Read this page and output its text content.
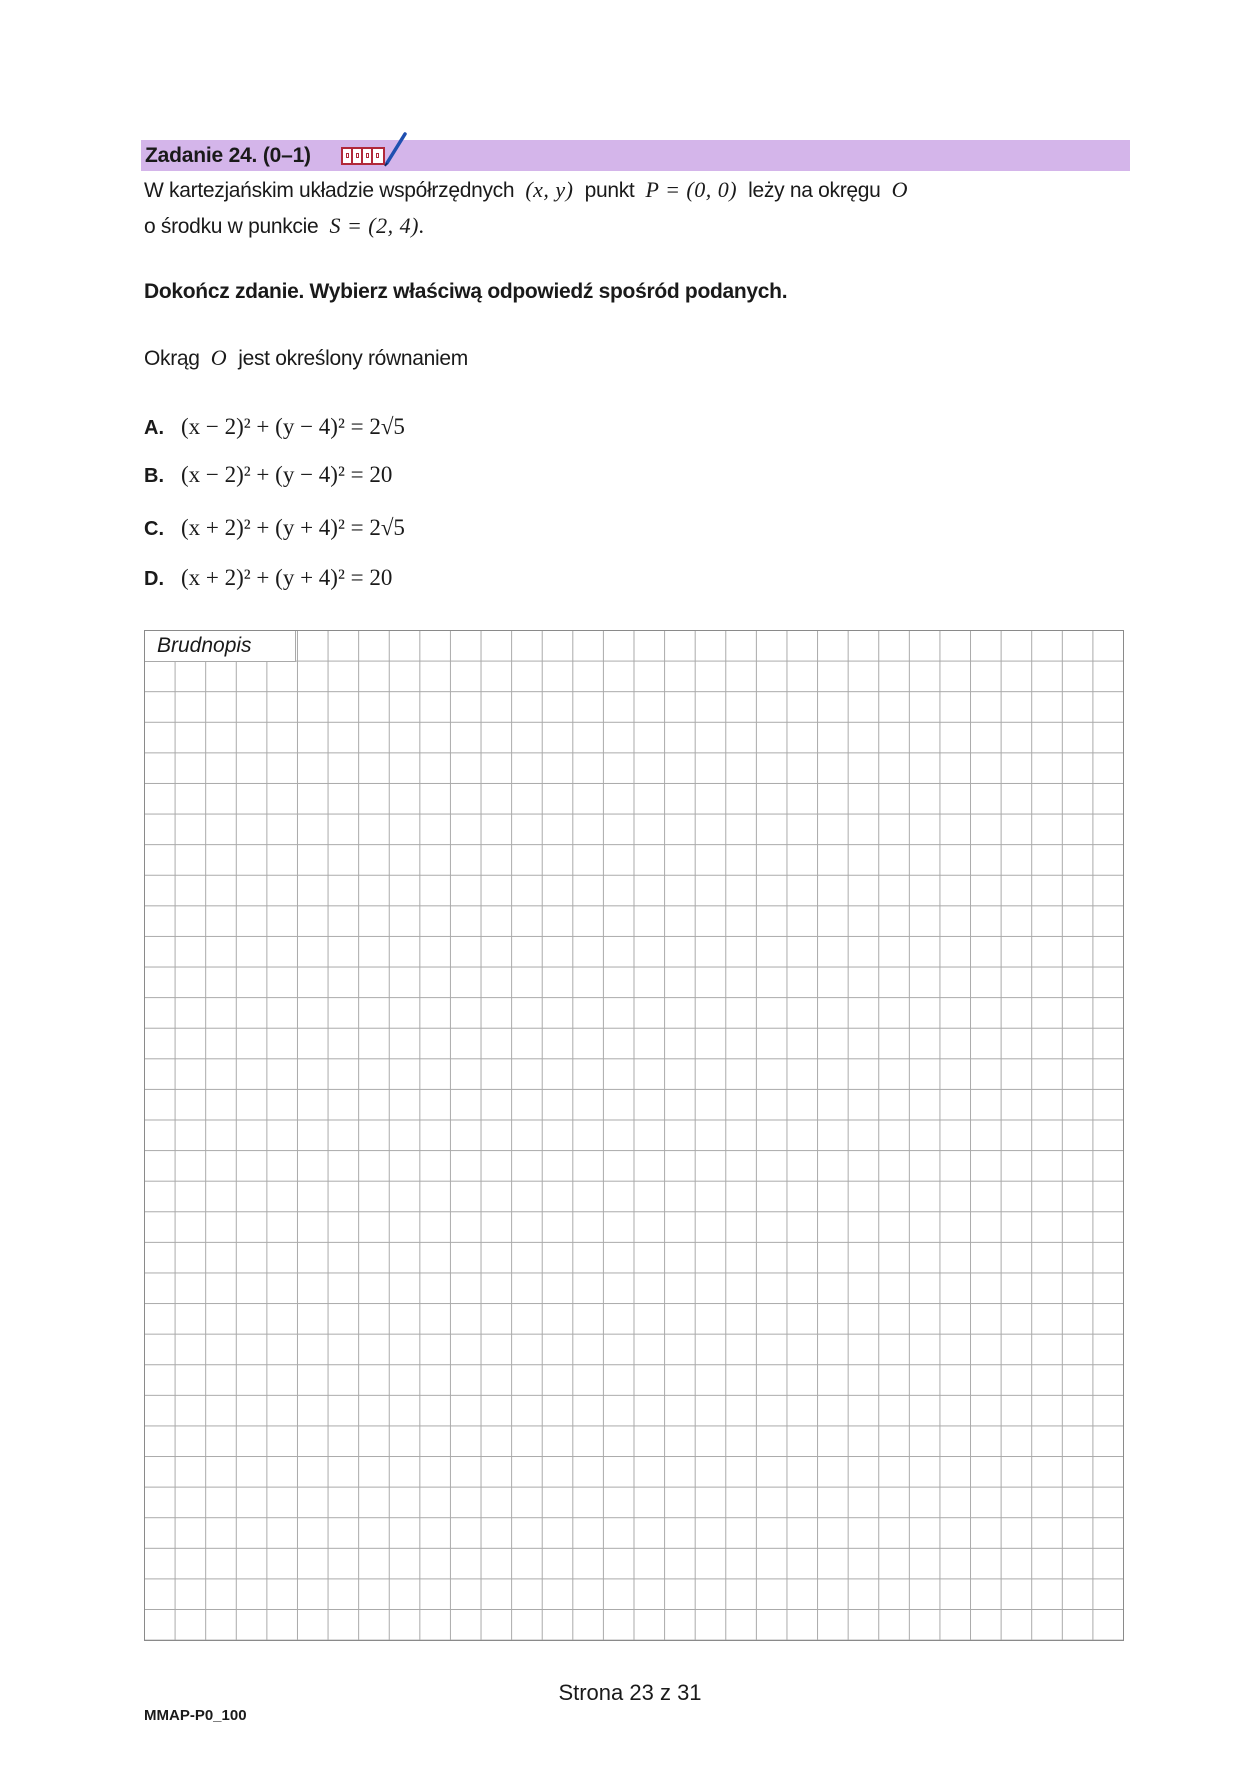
Zadanie 24. (0–1)
W kartezjańskim układzie współrzędnych (x, y) punkt P = (0, 0) leży na okręgu O
o środku w punkcie S = (2, 4).
Dokończ zdanie. Wybierz właściwą odpowiedź spośród podanych.
Okrąg O jest określony równaniem
A. (x − 2)² + (y − 4)² = 2√5
B. (x − 2)² + (y − 4)² = 20
C. (x + 2)² + (y + 4)² = 2√5
D. (x + 2)² + (y + 4)² = 20
Brudnopis
Strona 23 z 31
MMAP-P0_100
